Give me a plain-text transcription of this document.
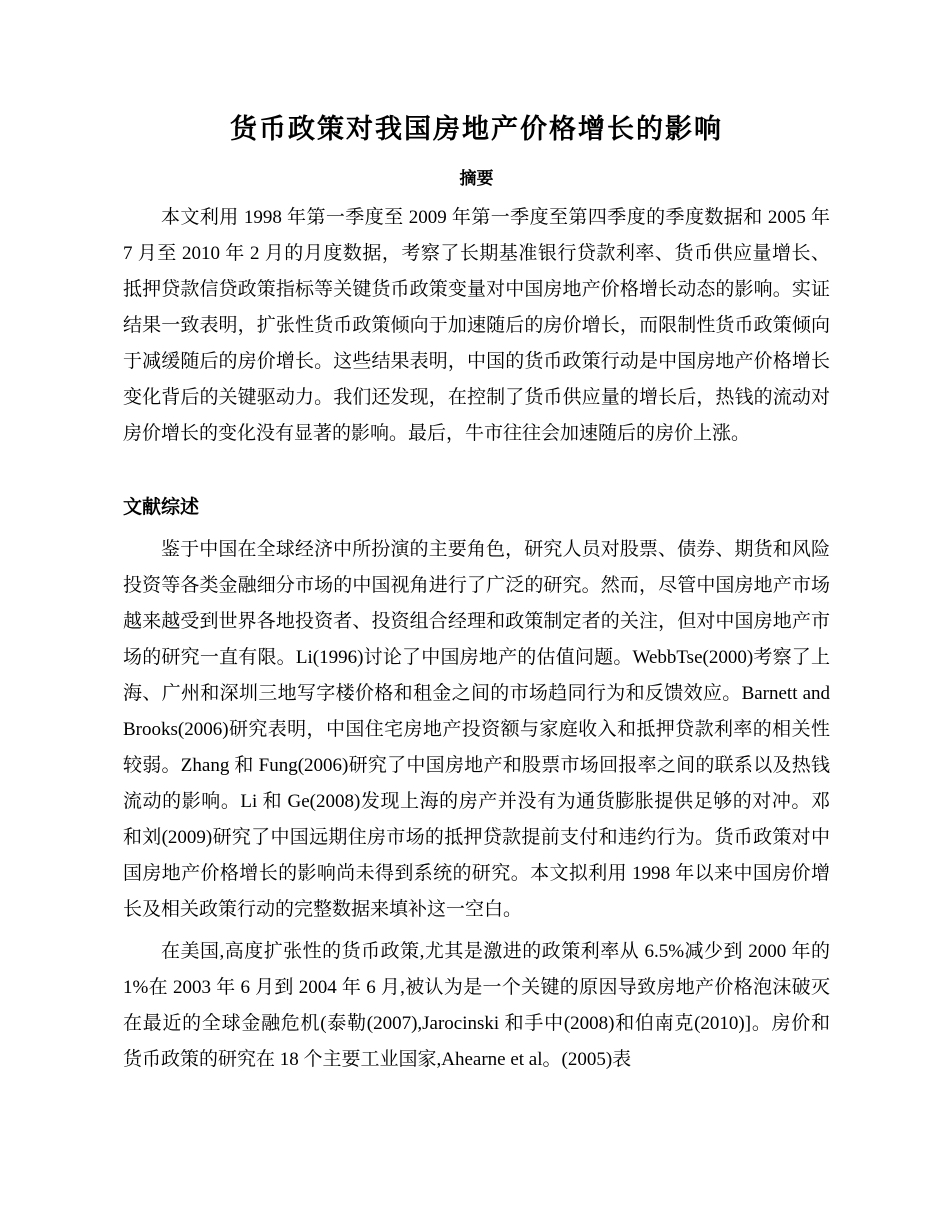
货币政策对我国房地产价格增长的影响
摘要

本文利用 1998 年第一季度至 2009 年第一季度至第四季度的季度数据和 2005 年 7 月至 2010 年 2 月的月度数据，考察了长期基准银行贷款利率、货币供应量增长、抵押贷款信贷政策指标等关键货币政策变量对中国房地产价格增长动态的影响。实证结果一致表明，扩张性货币政策倾向于加速随后的房价增长，而限制性货币政策倾向于减缓随后的房价增长。这些结果表明，中国的货币政策行动是中国房地产价格增长变化背后的关键驱动力。我们还发现，在控制了货币供应量的增长后，热钱的流动对房价增长的变化没有显著的影响。最后，牛市往往会加速随后的房价上涨。

文献综述

鉴于中国在全球经济中所扮演的主要角色，研究人员对股票、债券、期货和风险投资等各类金融细分市场的中国视角进行了广泛的研究。然而，尽管中国房地产市场越来越受到世界各地投资者、投资组合经理和政策制定者的关注，但对中国房地产市场的研究一直有限。Li(1996)讨论了中国房地产的估值问题。WebbTse(2000)考察了上海、广州和深圳三地写字楼价格和租金之间的市场趋同行为和反馈效应。Barnett and Brooks(2006)研究表明，中国住宅房地产投资额与家庭收入和抵押贷款利率的相关性较弱。Zhang 和 Fung(2006)研究了中国房地产和股票市场回报率之间的联系以及热钱流动的影响。Li 和 Ge(2008)发现上海的房产并没有为通货膨胀提供足够的对冲。邓和刘(2009)研究了中国远期住房市场的抵押贷款提前支付和违约行为。货币政策对中国房地产价格增长的影响尚未得到系统的研究。本文拟利用 1998 年以来中国房价增长及相关政策行动的完整数据来填补这一空白。

在美国,高度扩张性的货币政策,尤其是激进的政策利率从 6.5%减少到 2000 年的 1%在 2003 年 6 月到 2004 年 6 月,被认为是一个关键的原因导致房地产价格泡沫破灭在最近的全球金融危机(泰勒(2007),Jarocinski 和手中(2008)和伯南克(2010)]。房价和货币政策的研究在 18 个主要工业国家,Ahearne et al。(2005)表
